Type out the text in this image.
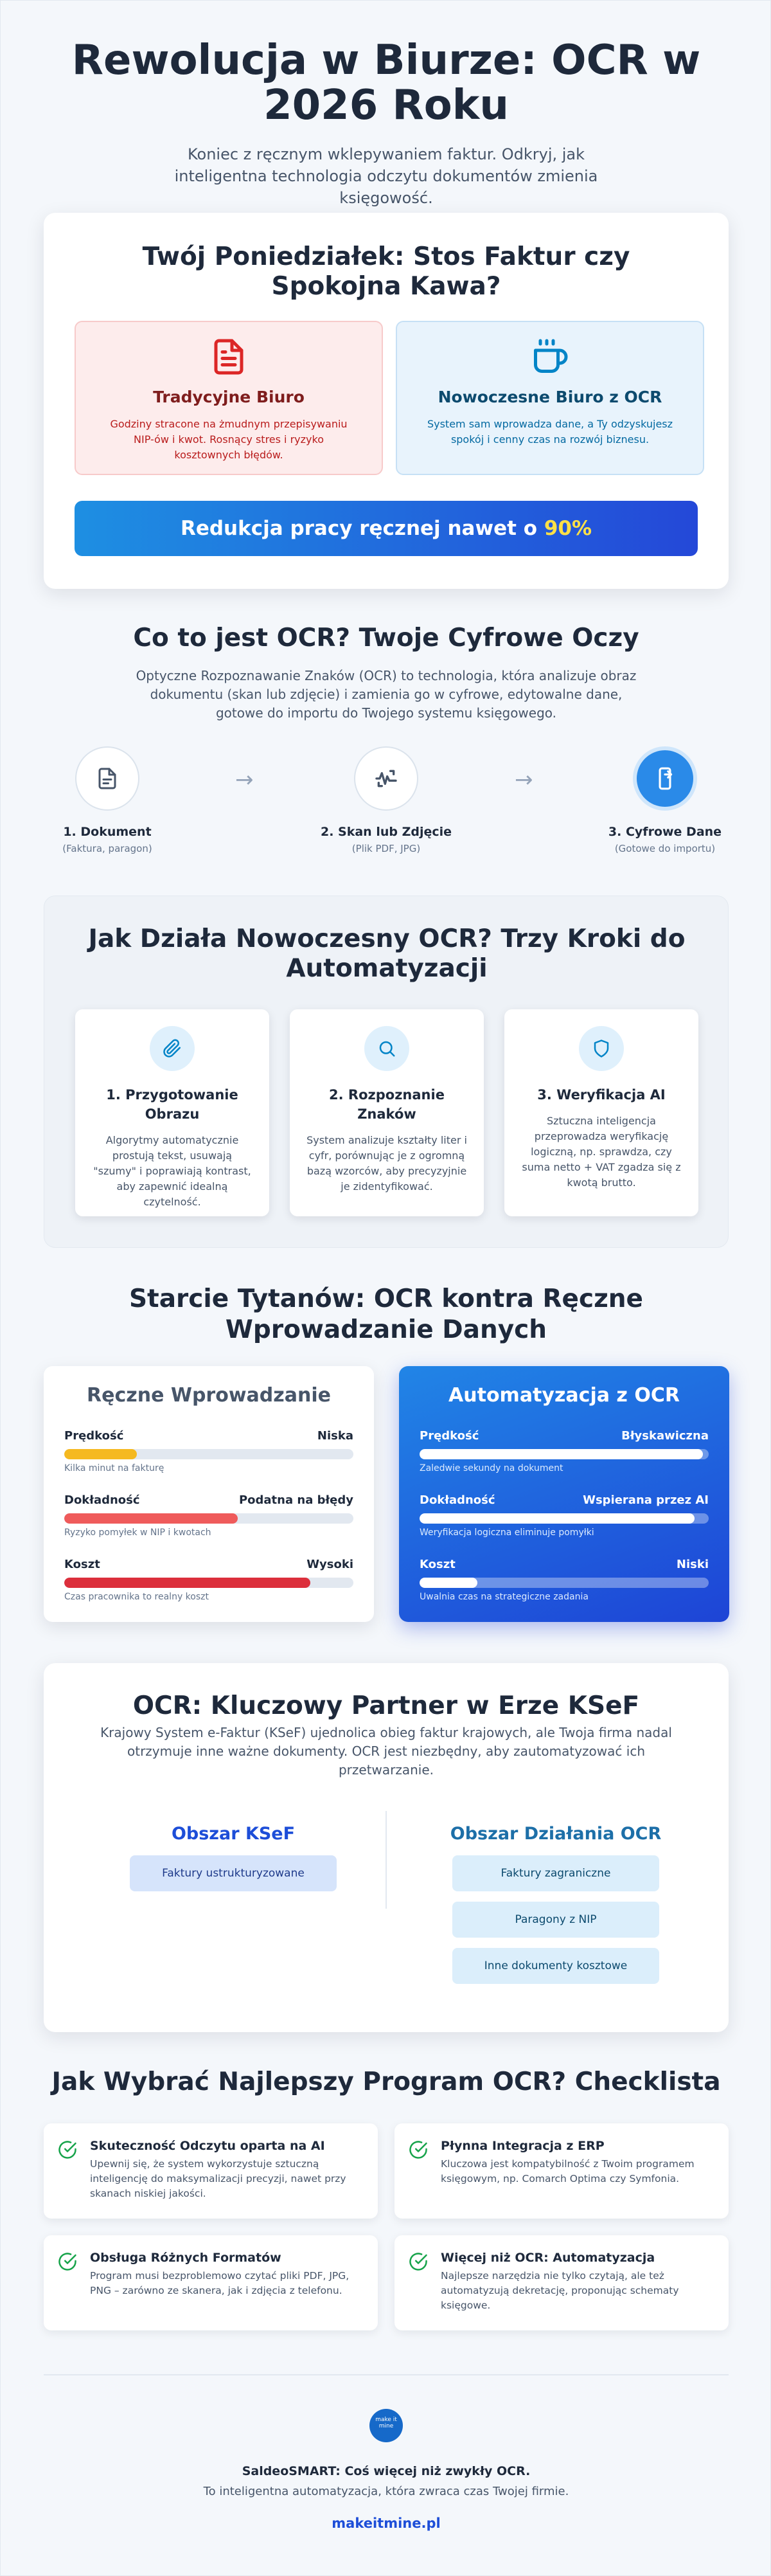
Rewolucja w Biurze: OCR w 2026 Roku

Koniec z ręcznym wklepywaniem faktur. Odkryj, jak inteligentna technologia odczytu dokumentów zmienia księgowość.

Twój Poniedziałek: Stos Faktur czy Spokojna Kawa?
Tradycyjne Biuro

Godziny stracone na żmudnym przepisywaniu NIP-ów i kwot. Rosnący stres i ryzyko kosztownych błędów.

Nowoczesne Biuro z OCR

System sam wprowadza dane, a Ty odzyskujesz spokój i cenny czas na rozwój biznesu.

Redukcja pracy ręcznej nawet o 90%
Co to jest OCR? Twoje Cyfrowe Oczy

Optyczne Rozpoznawanie Znaków (OCR) to technologia, która analizuje obraz dokumentu (skan lub zdjęcie) i zamienia go w cyfrowe, edytowalne dane, gotowe do importu do Twojego systemu księgowego.

1. Dokument
(Faktura, paragon)
→
2. Skan lub Zdjęcie
(Plik PDF, JPG)
→
3. Cyfrowe Dane
(Gotowe do importu)
Jak Działa Nowoczesny OCR? Trzy Kroki do Automatyzacji
1. Przygotowanie Obrazu

Algorytmy automatycznie prostują tekst, usuwają "szumy" i poprawiają kontrast, aby zapewnić idealną czytelność.

2. Rozpoznanie Znaków

System analizuje kształty liter i cyfr, porównując je z ogromną bazą wzorców, aby precyzyjnie je zidentyfikować.

3. Weryfikacja AI

Sztuczna inteligencja przeprowadza weryfikację logiczną, np. sprawdza, czy suma netto + VAT zgadza się z kwotą brutto.

Starcie Tytanów: OCR kontra Ręczne Wprowadzanie Danych
Ręczne Wprowadzanie
Prędkość	Niska
Kilka minut na fakturę
Dokładność	Podatna na błędy
Ryzyko pomyłek w NIP i kwotach
Koszt	Wysoki
Czas pracownika to realny koszt
Automatyzacja z OCR
Prędkość	Błyskawiczna
Zaledwie sekundy na dokument
Dokładność	Wspierana przez AI
Weryfikacja logiczna eliminuje pomyłki
Koszt	Niski
Uwalnia czas na strategiczne zadania
OCR: Kluczowy Partner w Erze KSeF
Krajowy System e-Faktur (KSeF) ujednolica obieg faktur krajowych, ale Twoja firma nadal otrzymuje inne ważne dokumenty. OCR jest niezbędny, aby zautomatyzować ich przetwarzanie.
Obszar KSeF
Faktury ustrukturyzowane
Obszar Działania OCR
Faktury zagraniczne
Paragony z NIP
Inne dokumenty kosztowe
Jak Wybrać Najlepszy Program OCR? Checklista
Skuteczność Odczytu oparta na AI

Upewnij się, że system wykorzystuje sztuczną inteligencję do maksymalizacji precyzji, nawet przy skanach niskiej jakości.

Płynna Integracja z ERP

Kluczowa jest kompatybilność z Twoim programem księgowym, np. Comarch Optima czy Symfonia.

Obsługa Różnych Formatów

Program musi bezproblemowo czytać pliki PDF, JPG, PNG – zarówno ze skanera, jak i zdjęcia z telefonu.

Więcej niż OCR: Automatyzacja

Najlepsze narzędzia nie tylko czytają, ale też automatyzują dekretację, proponując schematy księgowe.

make it mine
SaldeoSMART: Coś więcej niż zwykły OCR.
To inteligentna automatyzacja, która zwraca czas Twojej firmie.
makeitmine.pl
